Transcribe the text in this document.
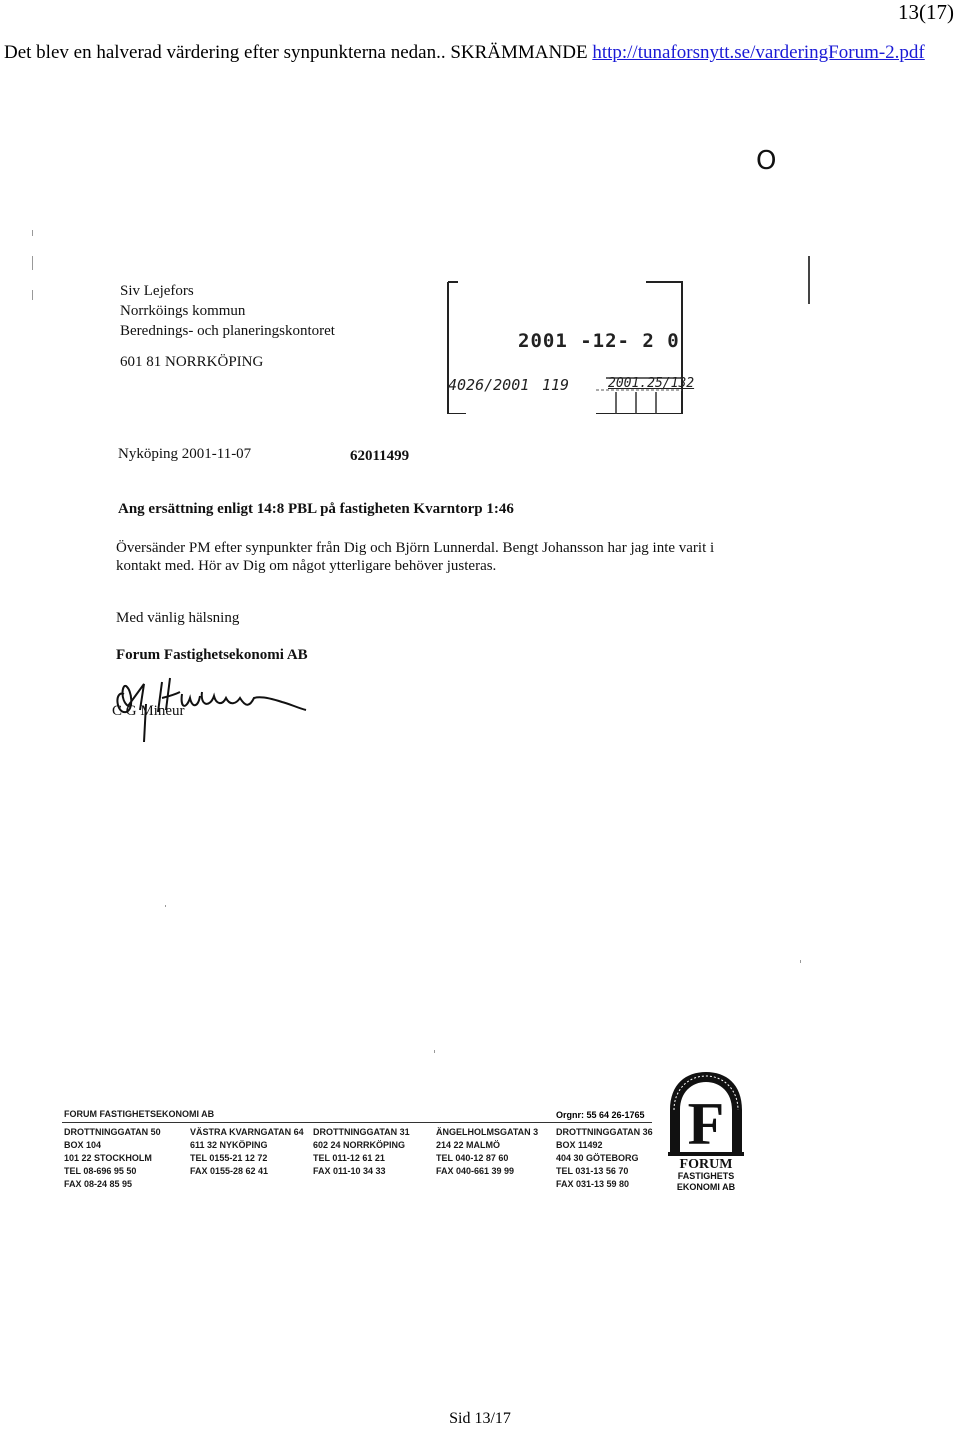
13(17)
Det blev en halverad värdering efter synpunkterna nedan.. SKRÄMMANDE http://tunaforsnytt.se/varderingForum-2.pdf
O
Siv Lejefors
Norrköings kommun
Berednings- och planeringskontoret
601 81 NORRKÖPING
2001 -12- 2 0
4026/2001 119	2001.25/132
Nyköping 2001-11-07	62011499
Ang ersättning enligt 14:8 PBL på fastigheten Kvarntorp 1:46
Översänder PM efter synpunkter från Dig och Björn Lunnerdal. Bengt Johansson har jag inte varit i kontakt med. Hör av Dig om något ytterligare behöver justeras.
Med vänlig hälsning
Forum Fastighetsekonomi AB
C G Mineur
FORUM FASTIGHETSEKONOMI AB	Orgnr: 55 64 26-1765
DROTTNINGGATAN 50
BOX 104
101 22 STOCKHOLM
TEL 08-696 95 50
FAX 08-24 85 95
VÄSTRA KVARNGATAN 64
611 32 NYKÖPING
TEL 0155-21 12 72
FAX 0155-28 62 41
DROTTNINGGATAN 31
602 24 NORRKÖPING
TEL 011-12 61 21
FAX 011-10 34 33
ÄNGELHOLMSGATAN 3
214 22 MALMÖ
TEL 040-12 87 60
FAX 040-661 39 99
DROTTNINGGATAN 36
BOX 11492
404 30 GÖTEBORG
TEL 031-13 56 70
FAX 031-13 59 80
F
FORUM
FASTIGHETS
EKONOMI AB
Sid 13/17
